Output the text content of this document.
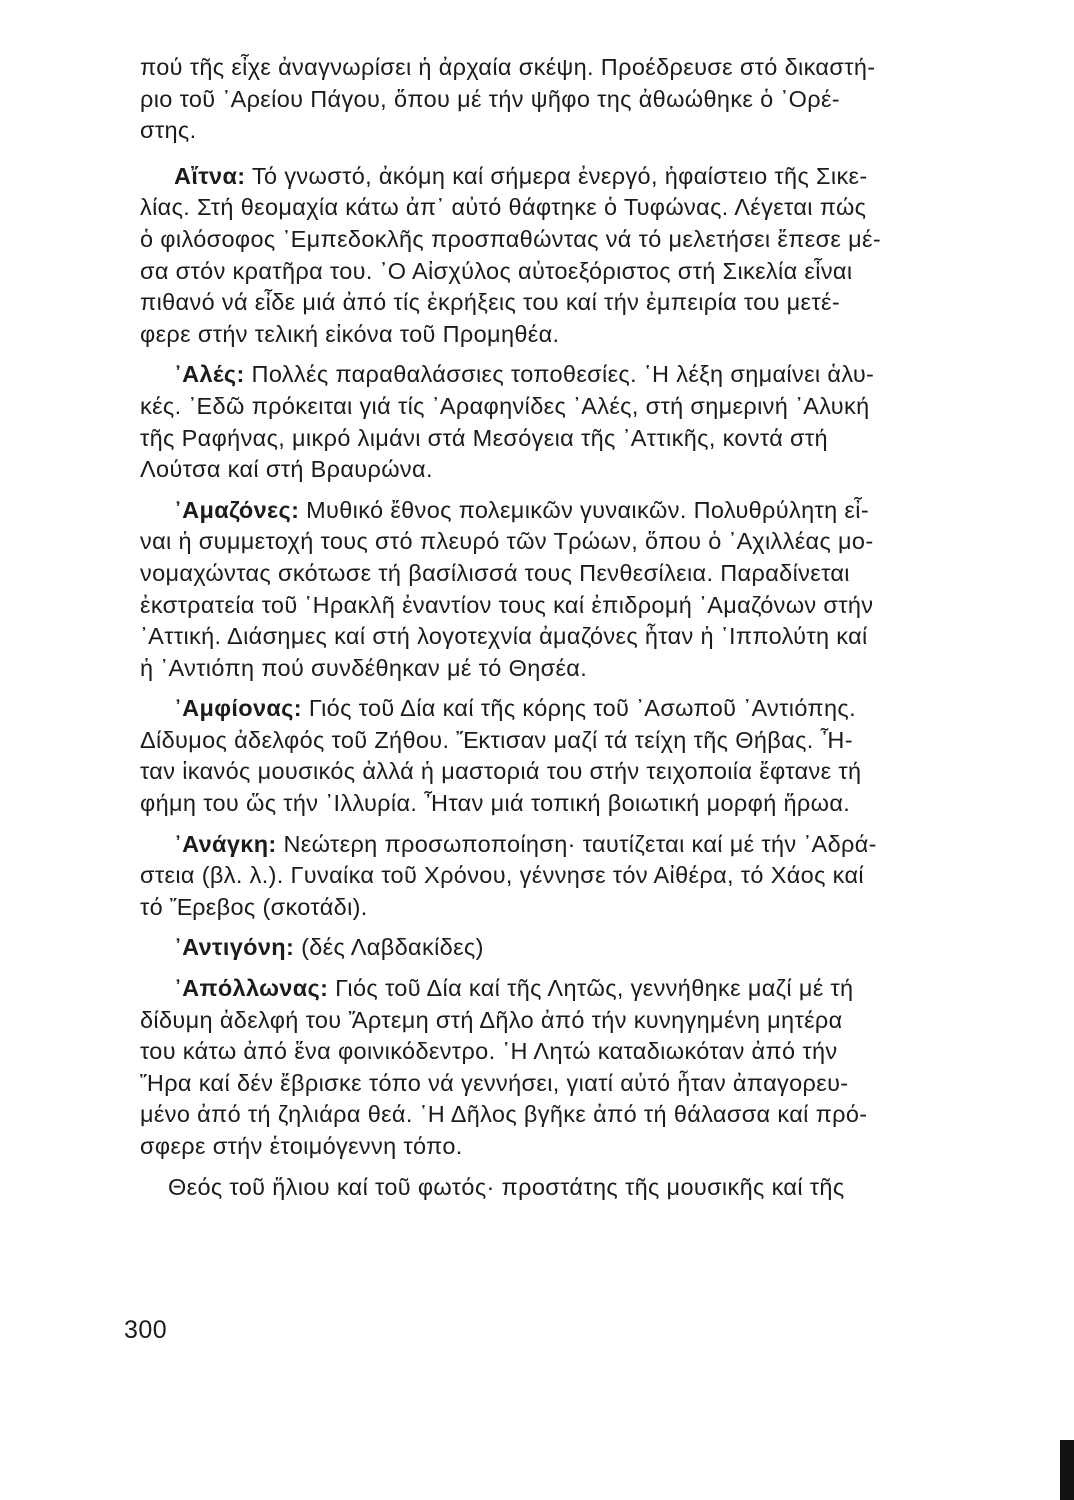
πού τῆς εἶχε ἀναγνωρίσει ἡ ἀρχαία σκέψη. Προέδρευσε στό δικαστή-
ριο τοῦ ᾿Αρείου Πάγου, ὅπου μέ τήν ψῆφο της ἀθωώθηκε ὁ ᾿Ορέ-
στης.
Αἴτνα: Τό γνωστό, ἀκόμη καί σήμερα ἐνεργό, ἡφαίστειο τῆς Σικε-
λίας. Στή θεομαχία κάτω ἀπ᾿ αὐτό θάφτηκε ὁ Τυφώνας. Λέγεται πώς
ὁ φιλόσοφος ᾿Εμπεδοκλῆς προσπαθώντας νά τό μελετήσει ἔπεσε μέ-
σα στόν κρατῆρα του. ᾿Ο Αἰσχύλος αὐτοεξόριστος στή Σικελία εἶναι
πιθανό νά εἶδε μιά ἀπό τίς ἐκρήξεις του καί τήν ἐμπειρία του μετέ-
φερε στήν τελική εἰκόνα τοῦ Προμηθέα.
᾿Αλές: Πολλές παραθαλάσσιες τοποθεσίες. ῾Η λέξη σημαίνει ἁλυ-
κές. ᾿Εδῶ πρόκειται γιά τίς ᾿Αραφηνίδες ᾿Αλές, στή σημερινή ᾿Αλυκή
τῆς Ραφήνας, μικρό λιμάνι στά Μεσόγεια τῆς ᾿Αττικῆς, κοντά στή
Λούτσα καί στή Βραυρώνα.
᾿Αμαζόνες: Μυθικό ἔθνος πολεμικῶν γυναικῶν. Πολυθρύλητη εἶ-
ναι ἡ συμμετοχή τους στό πλευρό τῶν Τρώων, ὅπου ὁ ᾿Αχιλλέας μο-
νομαχώντας σκότωσε τή βασίλισσά τους Πενθεσίλεια. Παραδίνεται
ἐκστρατεία τοῦ ῾Ηρακλῆ ἐναντίον τους καί ἐπιδρομή ᾿Αμαζόνων στήν
᾿Αττική. Διάσημες καί στή λογοτεχνία ἀμαζόνες ἦταν ἡ ῾Ιππολύτη καί
ἡ ᾿Αντιόπη πού συνδέθηκαν μέ τό Θησέα.
᾿Αμφίονας: Γιός τοῦ Δία καί τῆς κόρης τοῦ ᾿Ασωποῦ ᾿Αντιόπης.
Δίδυμος ἀδελφός τοῦ Ζήθου. Ἔκτισαν μαζί τά τείχη τῆς Θήβας. Ἦ-
ταν ἱκανός μουσικός ἀλλά ἡ μαστοριά του στήν τειχοποιία ἔφτανε τή
φήμη του ὥς τήν ᾿Ιλλυρία. Ἦταν μιά τοπική βοιωτική μορφή ἥρωα.
᾿Ανάγκη: Νεώτερη προσωποποίηση· ταυτίζεται καί μέ τήν ᾿Αδρά-
στεια (βλ. λ.). Γυναίκα τοῦ Χρόνου, γέννησε τόν Αἰθέρα, τό Χάος καί
τό Ἔρεβος (σκοτάδι).
᾿Αντιγόνη: (δές Λαβδακίδες)
᾿Απόλλωνας: Γιός τοῦ Δία καί τῆς Λητῶς, γεννήθηκε μαζί μέ τή
δίδυμη ἀδελφή του Ἄρτεμη στή Δῆλο ἀπό τήν κυνηγημένη μητέρα
του κάτω ἀπό ἕνα φοινικόδεντρο. ῾Η Λητώ καταδιωκόταν ἀπό τήν
Ἥρα καί δέν ἔβρισκε τόπο νά γεννήσει, γιατί αὐτό ἦταν ἀπαγορευ-
μένο ἀπό τή ζηλιάρα θεά. ῾Η Δῆλος βγῆκε ἀπό τή θάλασσα καί πρό-
σφερε στήν ἑτοιμόγεννη τόπο.
Θεός τοῦ ἥλιου καί τοῦ φωτός· προστάτης τῆς μουσικῆς καί τῆς
300
